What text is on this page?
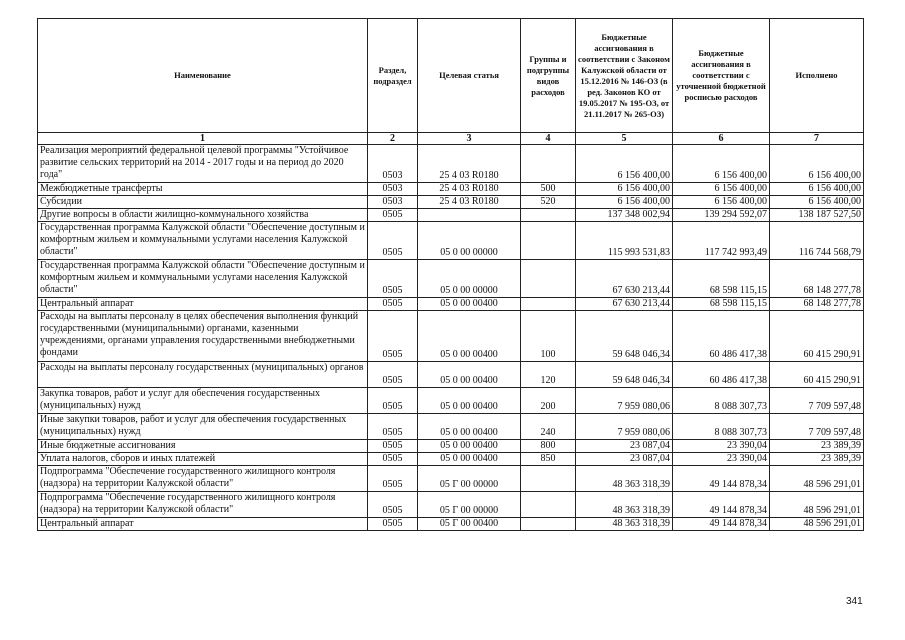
Наименование	Раздел, подраздел	Целевая статья	Группы и подгруппы видов расходов	Бюджетные ассигнования в соответствии с Законом Калужской области от 15.12.2016 № 146-ОЗ (в ред. Законов КО от 19.05.2017 № 195-ОЗ, от 21.11.2017 № 265-ОЗ)	Бюджетные ассигнования в соответствии с уточненной бюджетной росписью расходов	Исполнено
1	2	3	4	5	6	7
Реализация мероприятий федеральной целевой программы "Устойчивое развитие сельских территорий на 2014 - 2017 годы и на период до 2020 года"	0503	25 4 03 R0180		6 156 400,00	6 156 400,00	6 156 400,00
Межбюджетные трансферты	0503	25 4 03 R0180	500	6 156 400,00	6 156 400,00	6 156 400,00
Субсидии	0503	25 4 03 R0180	520	6 156 400,00	6 156 400,00	6 156 400,00
Другие вопросы в области жилищно-коммунального хозяйства	0505			137 348 002,94	139 294 592,07	138 187 527,50
Государственная программа Калужской области "Обеспечение доступным и комфортным жильем и коммунальными услугами населения Калужской области"	0505	05 0 00 00000		115 993 531,83	117 742 993,49	116 744 568,79
Государственная программа Калужской области "Обеспечение доступным и комфортным жильем и коммунальными услугами населения Калужской области"	0505	05 0 00 00000		67 630 213,44	68 598 115,15	68 148 277,78
Центральный аппарат	0505	05 0 00 00400		67 630 213,44	68 598 115,15	68 148 277,78
Расходы на выплаты персоналу в целях обеспечения выполнения функций государственными (муниципальными) органами, казенными учреждениями, органами управления государственными внебюджетными фондами	0505	05 0 00 00400	100	59 648 046,34	60 486 417,38	60 415 290,91
Расходы на выплаты персоналу государственных (муниципальных) органов	0505	05 0 00 00400	120	59 648 046,34	60 486 417,38	60 415 290,91
Закупка товаров, работ и услуг для обеспечения государственных (муниципальных) нужд	0505	05 0 00 00400	200	7 959 080,06	8 088 307,73	7 709 597,48
Иные закупки товаров, работ и услуг для обеспечения государственных (муниципальных) нужд	0505	05 0 00 00400	240	7 959 080,06	8 088 307,73	7 709 597,48
Иные бюджетные ассигнования	0505	05 0 00 00400	800	23 087,04	23 390,04	23 389,39
Уплата налогов, сборов и иных платежей	0505	05 0 00 00400	850	23 087,04	23 390,04	23 389,39
Подпрограмма "Обеспечение государственного жилищного контроля (надзора) на территории Калужской области"	0505	05 Г 00 00000		48 363 318,39	49 144 878,34	48 596 291,01
Подпрограмма "Обеспечение государственного жилищного контроля (надзора) на территории Калужской области"	0505	05 Г 00 00000		48 363 318,39	49 144 878,34	48 596 291,01
Центральный аппарат	0505	05 Г 00 00400		48 363 318,39	49 144 878,34	48 596 291,01
341
